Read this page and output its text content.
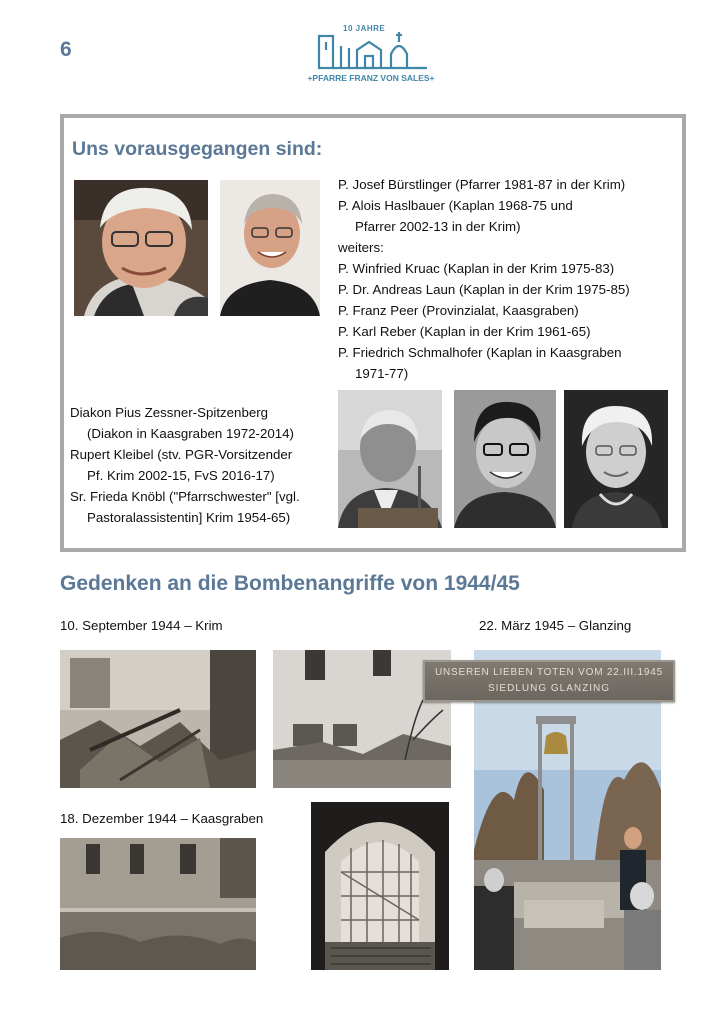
6
10 JAHRE
+PFARRE FRANZ VON SALES+
Uns vorausgegangen sind:
P. Josef Bürstlinger (Pfarrer 1981-87 in der Krim)
P. Alois Haslbauer (Kaplan 1968-75 und
Pfarrer 2002-13 in der Krim)
weiters:
P. Winfried Kruac (Kaplan in der Krim 1975-83)
P. Dr. Andreas Laun (Kaplan in der Krim 1975-85)
P. Franz Peer (Provinzialat, Kaasgraben)
P. Karl Reber (Kaplan in der Krim 1961-65)
P. Friedrich Schmalhofer (Kaplan in Kaasgraben
1971-77)
Diakon Pius Zessner-Spitzenberg
(Diakon in Kaasgraben 1972-2014)
Rupert Kleibel (stv. PGR-Vorsitzender
Pf. Krim 2002-15, FvS 2016-17)
Sr. Frieda Knöbl ("Pfarrschwester" [vgl.
Pastoralassistentin] Krim 1954-65)
Gedenken an die Bombenangriffe von 1944/45
10. September 1944 – Krim	22. März 1945 – Glanzing
UNSEREN LIEBEN TOTEN VOM 22.III.1945
SIEDLUNG GLANZING
18. Dezember 1944 – Kaasgraben
